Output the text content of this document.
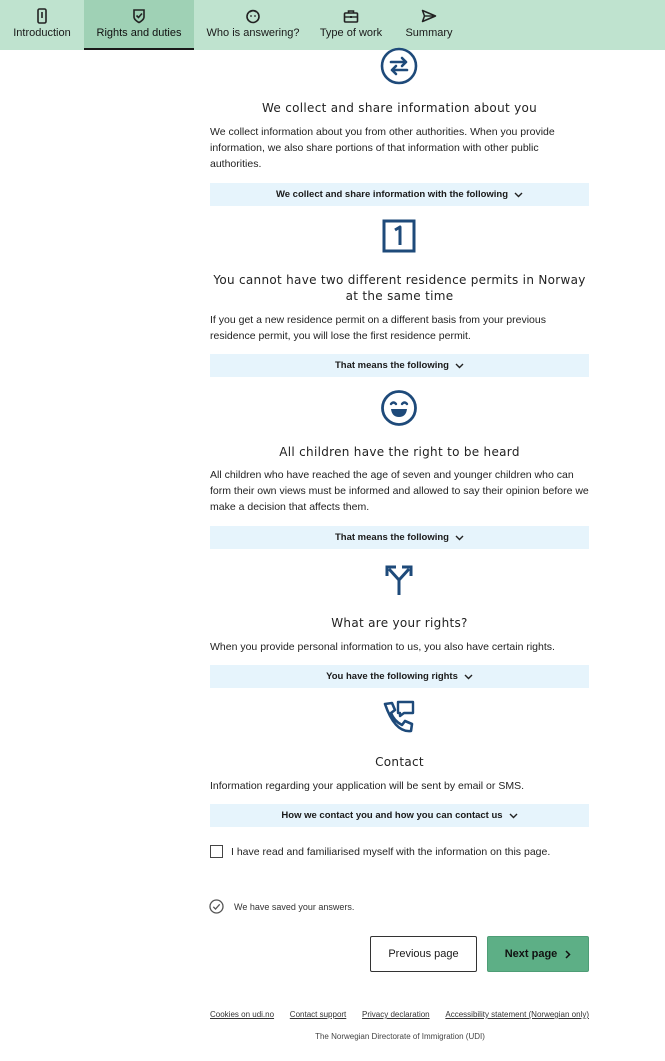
Introduction Rights and duties Who is answering? Type of work Summary
We collect and share information about you
We collect information about you from other authorities. When you provide information, we also share portions of that information with other public authorities.
We collect and share information with the following
You cannot have two different residence permits in Norway at the same time
If you get a new residence permit on a different basis from your previous residence permit, you will lose the first residence permit.
That means the following
All children have the right to be heard
All children who have reached the age of seven and younger children who can form their own views must be informed and allowed to say their opinion before we make a decision that affects them.
That means the following
What are your rights?
When you provide personal information to us, you also have certain rights.
You have the following rights
Contact
Information regarding your application will be sent by email or SMS.
How we contact you and how you can contact us
I have read and familiarised myself with the information on this page.
We have saved your answers.
Previous page	Next page
Cookies on udi.no Contact support Privacy declaration Accessibility statement (Norwegian only)
The Norwegian Directorate of Immigration (UDI)
